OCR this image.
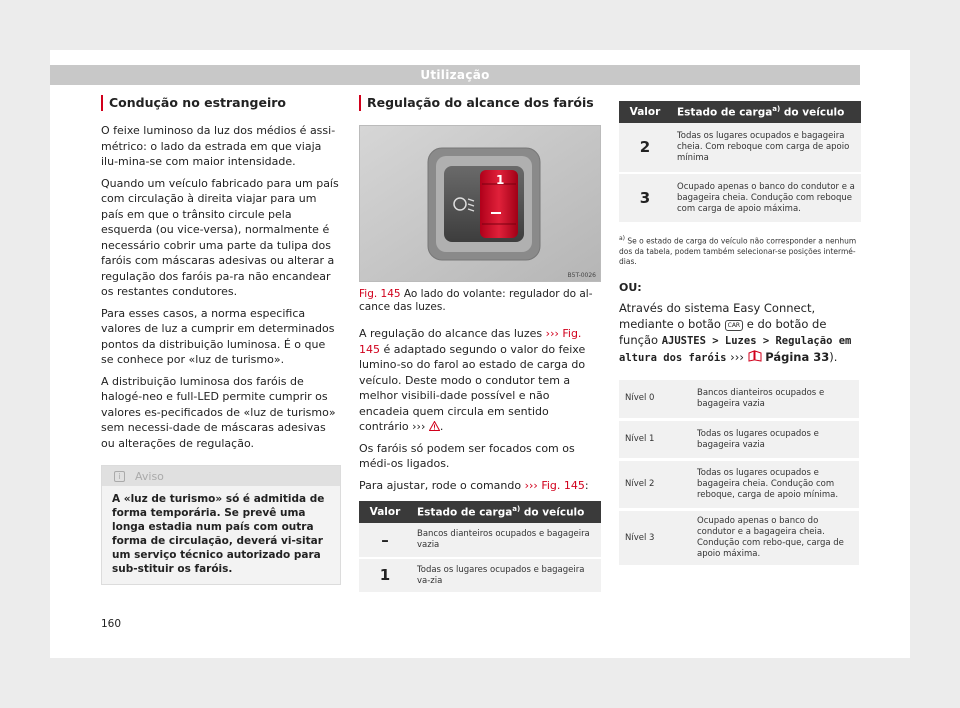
Utilização
Condução no estrangeiro

O feixe luminoso da luz dos médios é assi-métrico: o lado da estrada em que viaja ilu-mina-se com maior intensidade.

Quando um veículo fabricado para um país com circulação à direita viajar para um país em que o trânsito circule pela esquerda (ou vice-versa), normalmente é necessário cobrir uma parte da tulipa dos faróis com máscaras adesivas ou alterar a regulação dos faróis pa-ra não encandear os restantes condutores.

Para esses casos, a norma especifica valores de luz a cumprir em determinados pontos da distribuição luminosa. É o que se conhece por «luz de turismo».

A distribuição luminosa dos faróis de halogé-neo e full-LED permite cumprir os valores es-pecificados de «luz de turismo» sem necessi-dade de máscaras adesivas ou alterações de regulação.

i	Aviso
A «luz de turismo» só é admitida de forma temporária. Se prevê uma longa estadia num país com outra forma de circulação, deverá vi-sitar um serviço técnico autorizado para sub-stituir os faróis.
Regulação do alcance dos faróis
1
B5T-0026

Fig. 145 Ao lado do volante: regulador do al-cance das luzes.

A regulação do alcance das luzes ››› Fig. 145 é adaptado segundo o valor do feixe lumino-so do farol ao estado de carga do veículo. Deste modo o condutor tem a melhor visibili-dade possível e não encadeia quem circula em sentido contrário ››› .

Os faróis só podem ser focados com os médi-os ligados.

Para ajustar, rode o comando ››› Fig. 145:

Valor	Estado de carga$^{a)}$ do veículo
–	Bancos dianteiros ocupados e bagageira vazia
1	Todas os lugares ocupados e bagageira va-zia
Valor	Estado de carga$^{a)}$ do veículo
2	Todas os lugares ocupados e bagageira cheia. Com reboque com carga de apoio mínima
3	Ocupado apenas o banco do condutor e a bagageira cheia. Condução com reboque com carga de apoio máxima.

$^{a)}$ Se o estado de carga do veículo não corresponder a nenhum dos da tabela, podem também selecionar-se posições intermé-dias.

OU:

Através do sistema Easy Connect, mediante o botão CAR e do botão de função AJUSTES > Luzes > Regulação em altura dos faróis ››› Página 33).

Nível 0	Bancos dianteiros ocupados e bagageira vazia
Nível 1	Todas os lugares ocupados e bagageira vazia
Nível 2	Todas os lugares ocupados e bagageira cheia. Condução com reboque, carga de apoio mínima.
Nível 3	Ocupado apenas o banco do condutor e a bagageira cheia. Condução com rebo-que, carga de apoio máxima.
160
